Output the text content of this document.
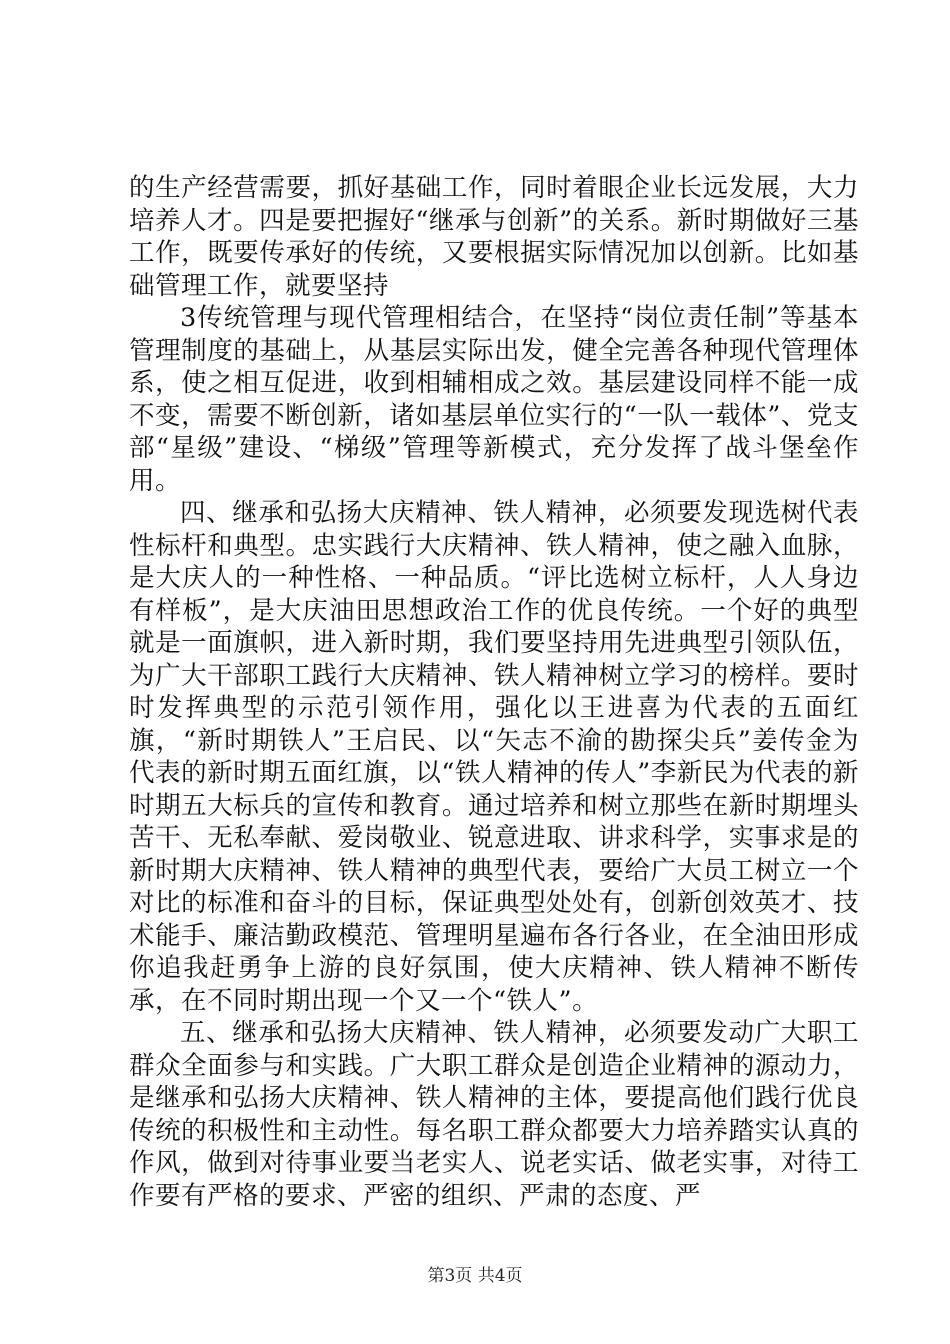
的生产经营需要，抓好基础工作，同时着眼企业长远发展，大力培养人才。四是要把握好“继承与创新”的关系。新时期做好三基工作，既要传承好的传统，又要根据实际情况加以创新。比如基础管理工作，就要坚持

3传统管理与现代管理相结合，在坚持“岗位责任制”等基本管理制度的基础上，从基层实际出发，健全完善各种现代管理体系，使之相互促进，收到相辅相成之效。基层建设同样不能一成不变，需要不断创新，诸如基层单位实行的“一队一载体”、党支部“星级”建设、“梯级”管理等新模式，充分发挥了战斗堡垒作用。

四、继承和弘扬大庆精神、铁人精神，必须要发现选树代表性标杆和典型。忠实践行大庆精神、铁人精神，使之融入血脉，是大庆人的一种性格、一种品质。“评比选树立标杆，人人身边有样板”，是大庆油田思想政治工作的优良传统。一个好的典型就是一面旗帜，进入新时期，我们要坚持用先进典型引领队伍，为广大干部职工践行大庆精神、铁人精神树立学习的榜样。要时时发挥典型的示范引领作用，强化以王进喜为代表的五面红旗，“新时期铁人”王启民、以“矢志不渝的勘探尖兵”姜传金为代表的新时期五面红旗，以“铁人精神的传人”李新民为代表的新时期五大标兵的宣传和教育。通过培养和树立那些在新时期埋头苦干、无私奉献、爱岗敬业、锐意进取、讲求科学，实事求是的新时期大庆精神、铁人精神的典型代表，要给广大员工树立一个对比的标准和奋斗的目标，保证典型处处有，创新创效英才、技术能手、廉洁勤政模范、管理明星遍布各行各业，在全油田形成你追我赶勇争上游的良好氛围，使大庆精神、铁人精神不断传承，在不同时期出现一个又一个“铁人”。

五、继承和弘扬大庆精神、铁人精神，必须要发动广大职工群众全面参与和实践。广大职工群众是创造企业精神的源动力，是继承和弘扬大庆精神、铁人精神的主体，要提高他们践行优良传统的积极性和主动性。每名职工群众都要大力培养踏实认真的作风，做到对待事业要当老实人、说老实话、做老实事，对待工作要有严格的要求、严密的组织、严肃的态度、严

第3页 共4页
